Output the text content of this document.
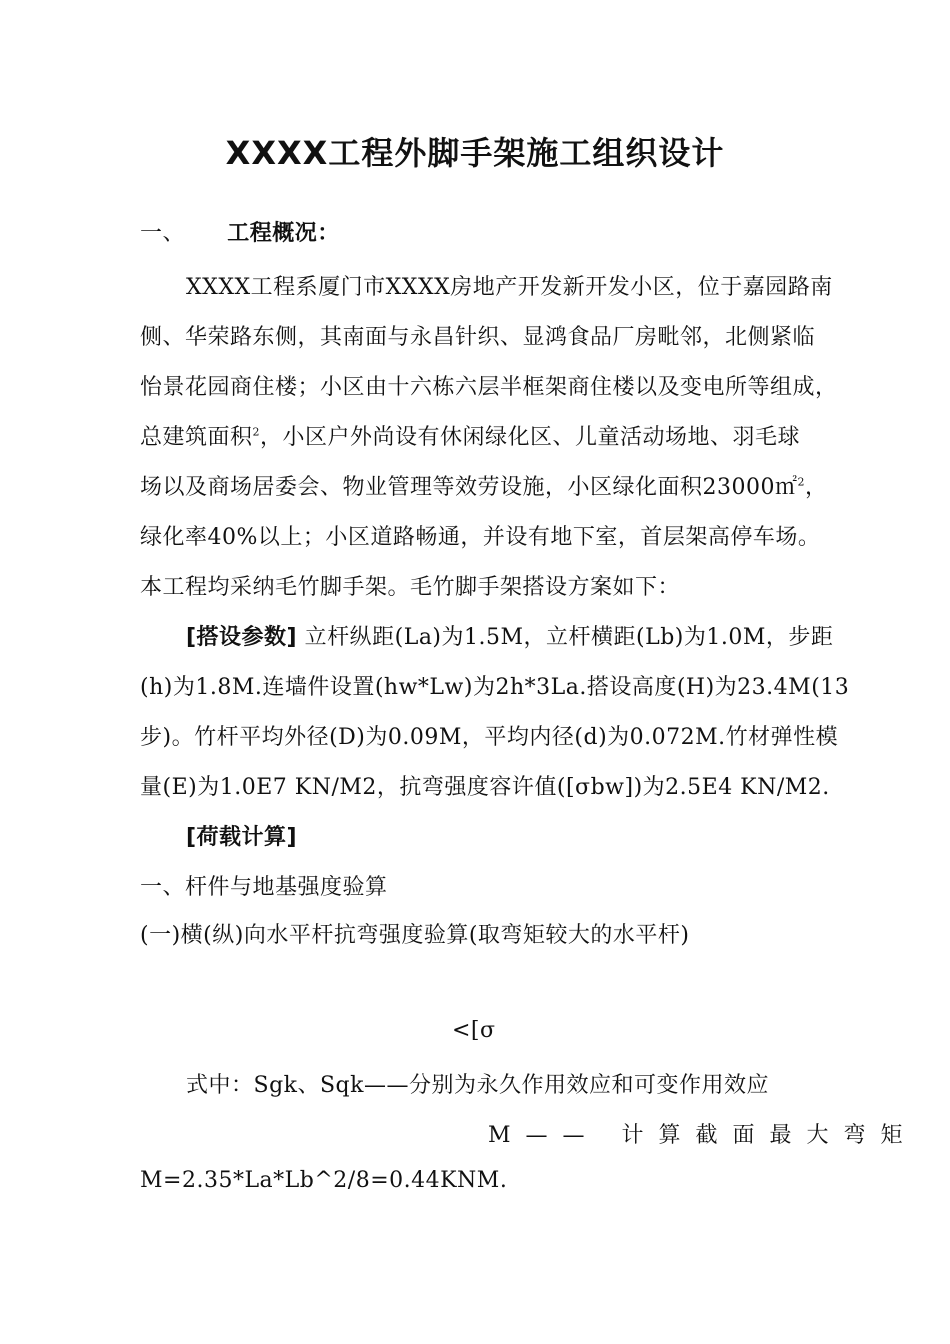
XXXX工程外脚手架施工组织设计
一、 工程概况：
XXXX工程系厦门市XXXX房地产开发新开发小区，位于嘉园路南
侧、华荣路东侧，其南面与永昌针织、显鸿食品厂房毗邻，北侧紧临
怡景花园商住楼；小区由十六栋六层半框架商住楼以及变电所等组成，
总建筑面积$^2$，小区户外尚设有休闲绿化区、儿童活动场地、羽毛球
场以及商场居委会、物业管理等效劳设施，小区绿化面积23000㎡$^2$，
绿化率40%以上；小区道路畅通，并设有地下室，首层架高停车场。
本工程均采纳毛竹脚手架。毛竹脚手架搭设方案如下：
[搭设参数] 立杆纵距(La)为1.5M，立杆横距(Lb)为1.0M，步距
(h)为1.8M.连墙件设置(hw*Lw)为2h*3La.搭设高度(H)为23.4M(13
步)。竹杆平均外径(D)为0.09M，平均内径(d)为0.072M.竹材弹性模
量(E)为1.0E7 KN/M2，抗弯强度容许值([σbw])为2.5E4 KN/M2.
[荷载计算]
一、杆件与地基强度验算
(一)横(纵)向水平杆抗弯强度验算(取弯矩较大的水平杆)
<[σ
式中：Sgk、Sqk——分别为永久作用效应和可变作用效应
M—— 计算截面最大弯矩
M=2.35*La*Lb^2/8=0.44KNM.
